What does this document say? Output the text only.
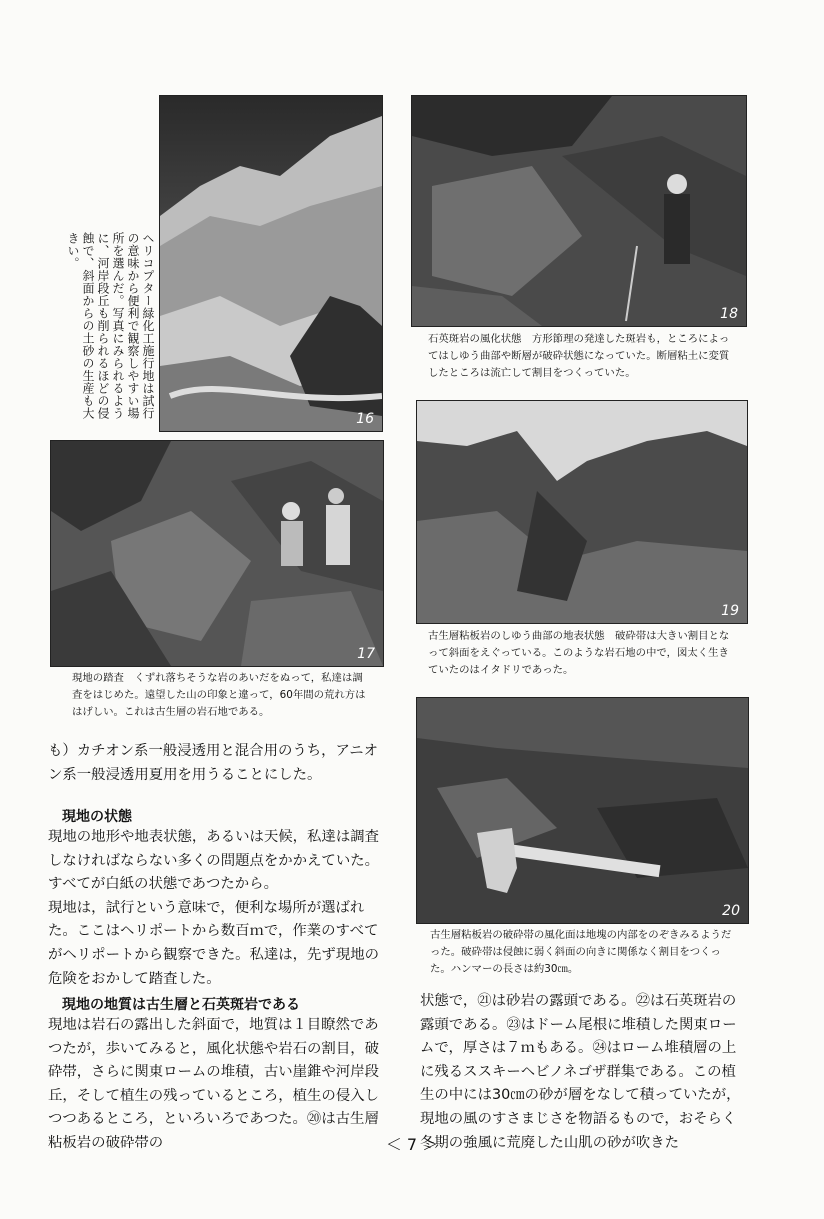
16
ヘリコプター緑化工施行地は試行の意味から便利で観察しやすい場所を選んだ。写真にみられるように、河岸段丘も削られるほどの侵蝕で、斜面からの土砂の生産も大きい。
17
現地の踏査　くずれ落ちそうな岩のあいだをぬって，私達は調査をはじめた。遠望した山の印象と違って，60年間の荒れ方ははげしい。これは古生層の岩石地である。
18
石英斑岩の風化状態　方形節理の発達した斑岩も，ところによってはしゆう曲部や断層が破砕状態になっていた。断層粘土に変質したところは流亡して割目をつくっていた。
19
古生層粘板岩のしゆう曲部の地表状態　破砕帯は大きい割目となって斜面をえぐっている。このような岩石地の中で，図太く生きていたのはイタドリであった。
20
古生層粘板岩の破砕帯の風化面は地塊の内部をのぞきみるようだった。破砕帯は侵蝕に弱く斜面の向きに関係なく割目をつくった。ハンマーの長さは約30㎝。

も）カチオン系一般浸透用と混合用のうち，アニオン系一般浸透用夏用を用うることにした。

現地の状態

現地の地形や地表状態，あるいは天候，私達は調査しなければならない多くの問題点をかかえていた。すべてが白紙の状態であつたから。

現地は，試行という意味で，便利な場所が選ばれた。ここはヘリポートから数百ｍで，作業のすべてがヘリポートから観察できた。私達は，先ず現地の危険をおかして踏査した。

現地の地質は古生層と石英斑岩である

現地は岩石の露出した斜面で，地質は１目瞭然であつたが，歩いてみると，風化状態や岩石の割目，破砕帯，さらに関東ロームの堆積，古い崖錐や河岸段丘，そして植生の残っているところ，植生の侵入しつつあるところ，といろいろであつた。⑳は古生層粘板岩の破砕帯の

状態で，㉑は砂岩の露頭である。㉒は石英斑岩の露頭である。㉓はドーム尾根に堆積した関東ロームで，厚さは７ｍもある。㉔はローム堆積層の上に残るススキーヘビノネゴザ群集である。この植生の中には30㎝の砂が層をなして積っていたが，現地の風のすさまじさを物語るもので，おそらく冬期の強風に荒廃した山肌の砂が吹きた

＜ 7 ＞
